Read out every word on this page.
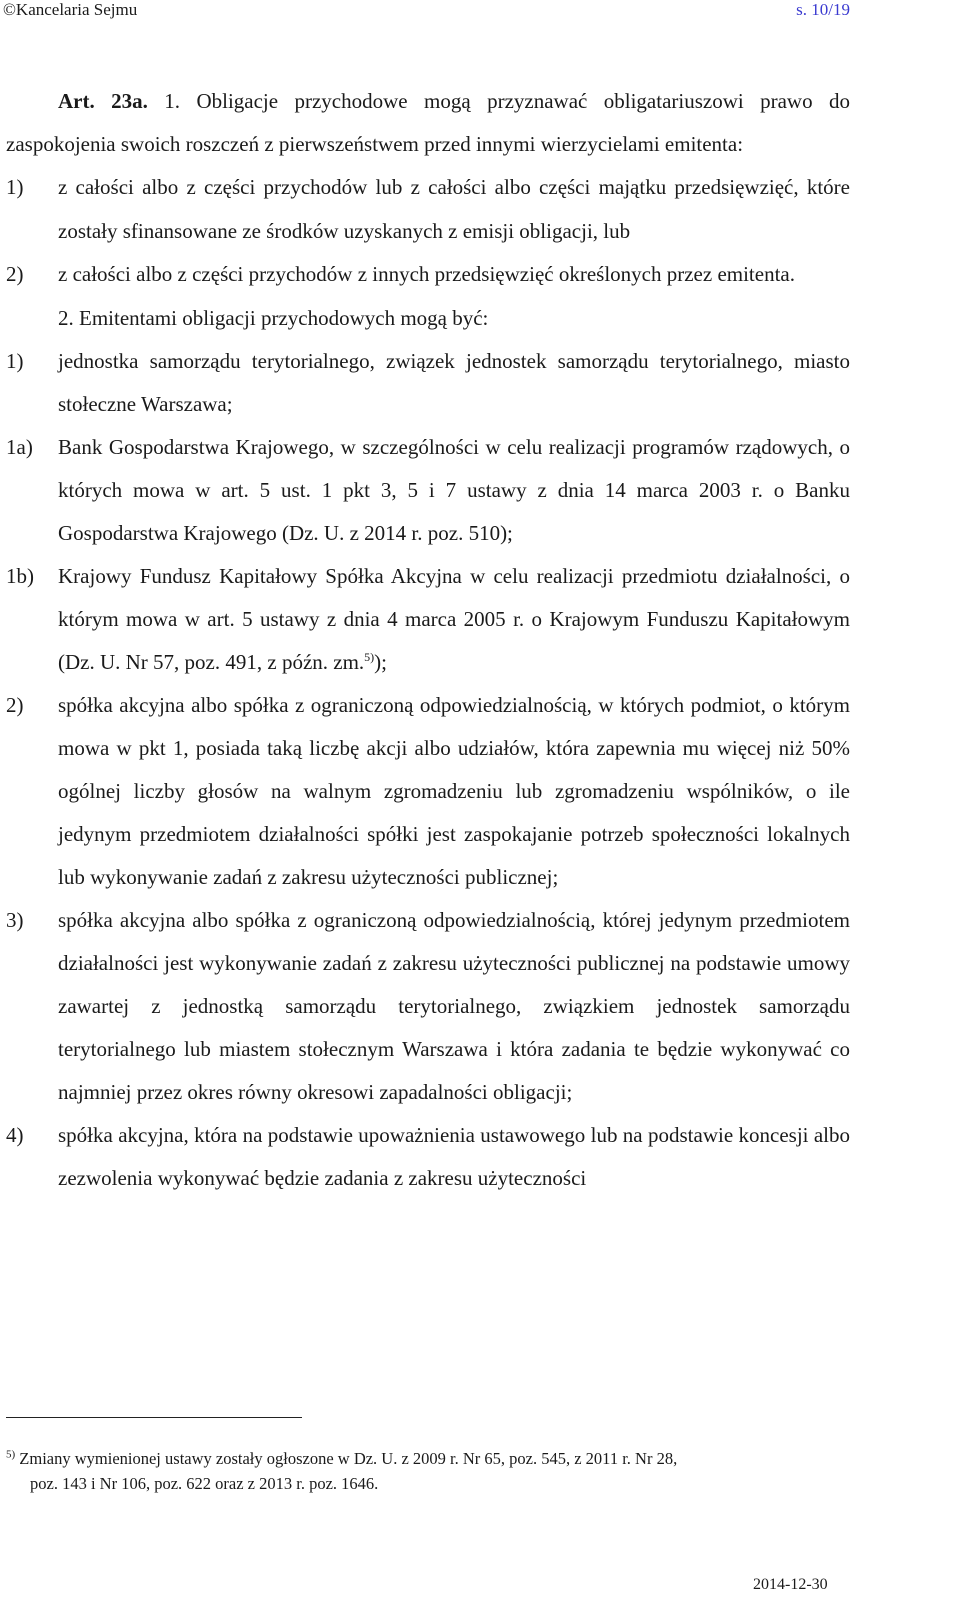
©Kancelaria Sejmu	s. 10/19

Art. 23a. 1. Obligacje przychodowe mogą przyznawać obligatariuszowi prawo do zaspokojenia swoich roszczeń z pierwszeństwem przed innymi wierzycielami emitenta:

1) z całości albo z części przychodów lub z całości albo części majątku przedsięwzięć, które zostały sfinansowane ze środków uzyskanych z emisji obligacji, lub
2) z całości albo z części przychodów z innych przedsięwzięć określonych przez emitenta.

2. Emitentami obligacji przychodowych mogą być:

1) jednostka samorządu terytorialnego, związek jednostek samorządu terytorialnego, miasto stołeczne Warszawa;
1a) Bank Gospodarstwa Krajowego, w szczególności w celu realizacji programów rządowych, o których mowa w art. 5 ust. 1 pkt 3, 5 i 7 ustawy z dnia 14 marca 2003 r. o Banku Gospodarstwa Krajowego (Dz. U. z 2014 r. poz. 510);
1b) Krajowy Fundusz Kapitałowy Spółka Akcyjna w celu realizacji przedmiotu działalności, o którym mowa w art. 5 ustawy z dnia 4 marca 2005 r. o Krajowym Funduszu Kapitałowym (Dz. U. Nr 57, poz. 491, z późn. zm.$^{5)}$);
2) spółka akcyjna albo spółka z ograniczoną odpowiedzialnością, w których podmiot, o którym mowa w pkt 1, posiada taką liczbę akcji albo udziałów, która zapewnia mu więcej niż 50% ogólnej liczby głosów na walnym zgromadzeniu lub zgromadzeniu wspólników, o ile jedynym przedmiotem działalności spółki jest zaspokajanie potrzeb społeczności lokalnych lub wykonywanie zadań z zakresu użyteczności publicznej;
3) spółka akcyjna albo spółka z ograniczoną odpowiedzialnością, której jedynym przedmiotem działalności jest wykonywanie zadań z zakresu użyteczności publicznej na podstawie umowy zawartej z jednostką samorządu terytorialnego, związkiem jednostek samorządu terytorialnego lub miastem stołecznym Warszawa i która zadania te będzie wykonywać co najmniej przez okres równy okresowi zapadalności obligacji;
4) spółka akcyjna, która na podstawie upoważnienia ustawowego lub na podstawie koncesji albo zezwolenia wykonywać będzie zadania z zakresu użyteczności
$^{5)}$ Zmiany wymienionej ustawy zostały ogłoszone w Dz. U. z 2009 r. Nr 65, poz. 545, z 2011 r. Nr 28,
poz. 143 i Nr 106, poz. 622 oraz z 2013 r. poz. 1646.
2014-12-30
